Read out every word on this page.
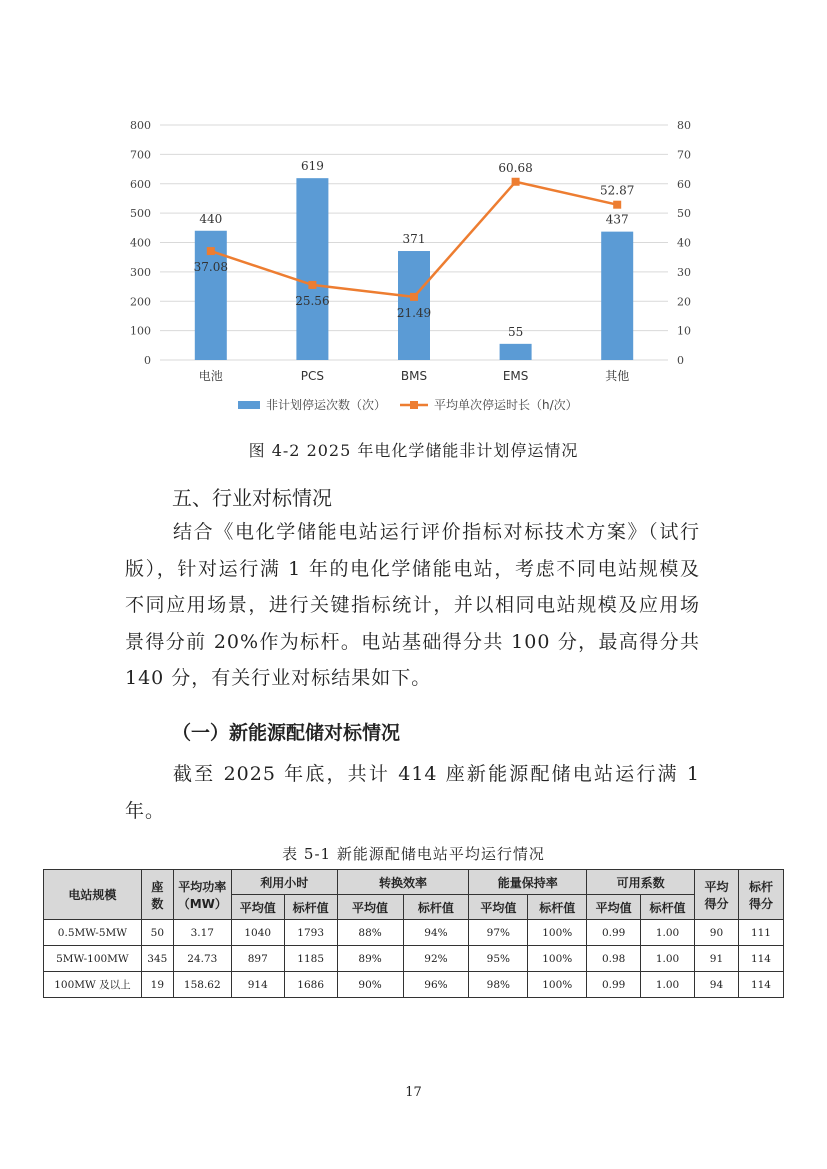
440
619
371
55
437
37.08
25.56
21.49
60.68
52.87
0
100
200
300
400
500
600
700
800
0
10
20
30
40
50
60
70
80
电池	PCS	BMS	EMS	其他
非计划停运次数（次）	平均单次停运时长（h/次）
图 4-2 2025 年电化学储能非计划停运情况
五、行业对标情况
结合《电化学储能电站运行评价指标对标技术方案》（试行版），针对运行满 1 年的电化学储能电站，考虑不同电站规模及不同应用场景，进行关键指标统计，并以相同电站规模及应用场景得分前 20%作为标杆。电站基础得分共 100 分，最高得分共 140 分，有关行业对标结果如下。
（一）新能源配储对标情况
截至 2025 年底，共计 414 座新能源配储电站运行满 1 年。
表 5-1 新能源配储电站平均运行情况
电站规模	座数	平均功率（MW）	利用小时		转换效率		能量保持率		可用系数		平均得分	标杆得分
			平均值	标杆值	平均值	标杆值	平均值	标杆值	平均值	标杆值		
0.5MW-5MW	50	3.17	1040	1793	88%	94%	97%	100%	0.99	1.00	90	111
5MW-100MW	345	24.73	897	1185	89%	92%	95%	100%	0.98	1.00	91	114
100MW 及以上	19	158.62	914	1686	90%	96%	98%	100%	0.99	1.00	94	114
17
